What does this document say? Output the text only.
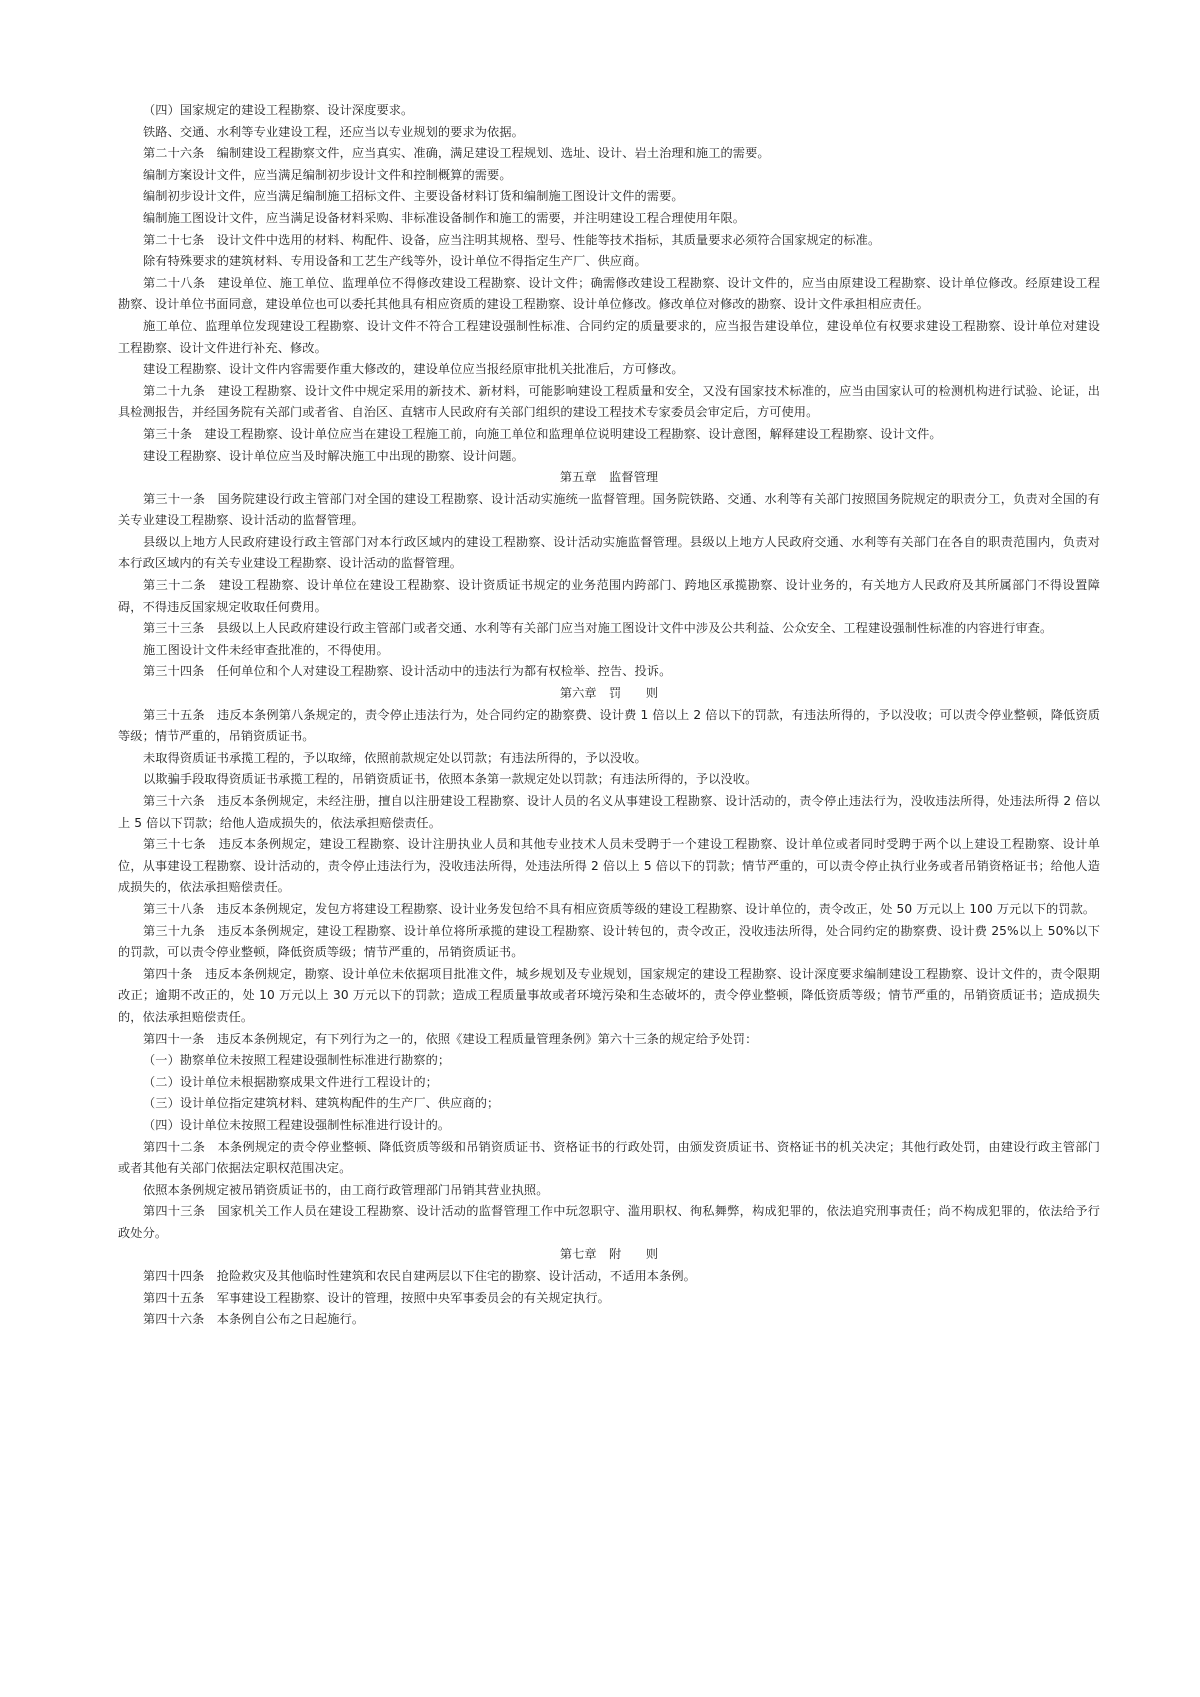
（四）国家规定的建设工程勘察、设计深度要求。
铁路、交通、水利等专业建设工程，还应当以专业规划的要求为依据。
第二十六条　编制建设工程勘察文件，应当真实、准确，满足建设工程规划、选址、设计、岩土治理和施工的需要。
编制方案设计文件，应当满足编制初步设计文件和控制概算的需要。
编制初步设计文件，应当满足编制施工招标文件、主要设备材料订货和编制施工图设计文件的需要。
编制施工图设计文件，应当满足设备材料采购、非标准设备制作和施工的需要，并注明建设工程合理使用年限。
第二十七条　设计文件中选用的材料、构配件、设备，应当注明其规格、型号、性能等技术指标，其质量要求必须符合国家规定的标准。
除有特殊要求的建筑材料、专用设备和工艺生产线等外，设计单位不得指定生产厂、供应商。
第二十八条　建设单位、施工单位、监理单位不得修改建设工程勘察、设计文件；确需修改建设工程勘察、设计文件的，应当由原建设工程勘察、设计单位修改。经原建设工程勘察、设计单位书面同意，建设单位也可以委托其他具有相应资质的建设工程勘察、设计单位修改。修改单位对修改的勘察、设计文件承担相应责任。
施工单位、监理单位发现建设工程勘察、设计文件不符合工程建设强制性标准、合同约定的质量要求的，应当报告建设单位，建设单位有权要求建设工程勘察、设计单位对建设工程勘察、设计文件进行补充、修改。
建设工程勘察、设计文件内容需要作重大修改的，建设单位应当报经原审批机关批准后，方可修改。
第二十九条　建设工程勘察、设计文件中规定采用的新技术、新材料，可能影响建设工程质量和安全，又没有国家技术标准的，应当由国家认可的检测机构进行试验、论证，出具检测报告，并经国务院有关部门或者省、自治区、直辖市人民政府有关部门组织的建设工程技术专家委员会审定后，方可使用。
第三十条　建设工程勘察、设计单位应当在建设工程施工前，向施工单位和监理单位说明建设工程勘察、设计意图，解释建设工程勘察、设计文件。
建设工程勘察、设计单位应当及时解决施工中出现的勘察、设计问题。
第五章　监督管理
第三十一条　国务院建设行政主管部门对全国的建设工程勘察、设计活动实施统一监督管理。国务院铁路、交通、水利等有关部门按照国务院规定的职责分工，负责对全国的有关专业建设工程勘察、设计活动的监督管理。
县级以上地方人民政府建设行政主管部门对本行政区域内的建设工程勘察、设计活动实施监督管理。县级以上地方人民政府交通、水利等有关部门在各自的职责范围内，负责对本行政区域内的有关专业建设工程勘察、设计活动的监督管理。
第三十二条　建设工程勘察、设计单位在建设工程勘察、设计资质证书规定的业务范围内跨部门、跨地区承揽勘察、设计业务的，有关地方人民政府及其所属部门不得设置障碍，不得违反国家规定收取任何费用。
第三十三条　县级以上人民政府建设行政主管部门或者交通、水利等有关部门应当对施工图设计文件中涉及公共利益、公众安全、工程建设强制性标准的内容进行审查。
施工图设计文件未经审查批准的，不得使用。
第三十四条　任何单位和个人对建设工程勘察、设计活动中的违法行为都有权检举、控告、投诉。
第六章　罚　　则
第三十五条　违反本条例第八条规定的，责令停止违法行为，处合同约定的勘察费、设计费 1 倍以上 2 倍以下的罚款，有违法所得的，予以没收；可以责令停业整顿，降低资质等级；情节严重的，吊销资质证书。
未取得资质证书承揽工程的，予以取缔，依照前款规定处以罚款；有违法所得的，予以没收。
以欺骗手段取得资质证书承揽工程的，吊销资质证书，依照本条第一款规定处以罚款；有违法所得的，予以没收。
第三十六条　违反本条例规定，未经注册，擅自以注册建设工程勘察、设计人员的名义从事建设工程勘察、设计活动的，责令停止违法行为，没收违法所得，处违法所得 2 倍以上 5 倍以下罚款；给他人造成损失的，依法承担赔偿责任。
第三十七条　违反本条例规定，建设工程勘察、设计注册执业人员和其他专业技术人员未受聘于一个建设工程勘察、设计单位或者同时受聘于两个以上建设工程勘察、设计单位，从事建设工程勘察、设计活动的，责令停止违法行为，没收违法所得，处违法所得 2 倍以上 5 倍以下的罚款；情节严重的，可以责令停止执行业务或者吊销资格证书；给他人造成损失的，依法承担赔偿责任。
第三十八条　违反本条例规定，发包方将建设工程勘察、设计业务发包给不具有相应资质等级的建设工程勘察、设计单位的，责令改正，处 50 万元以上 100 万元以下的罚款。
第三十九条　违反本条例规定，建设工程勘察、设计单位将所承揽的建设工程勘察、设计转包的，责令改正，没收违法所得，处合同约定的勘察费、设计费 25%以上 50%以下的罚款，可以责令停业整顿，降低资质等级；情节严重的，吊销资质证书。
第四十条　违反本条例规定，勘察、设计单位未依据项目批准文件，城乡规划及专业规划，国家规定的建设工程勘察、设计深度要求编制建设工程勘察、设计文件的，责令限期改正；逾期不改正的，处 10 万元以上 30 万元以下的罚款；造成工程质量事故或者环境污染和生态破坏的，责令停业整顿，降低资质等级；情节严重的，吊销资质证书；造成损失的，依法承担赔偿责任。
第四十一条　违反本条例规定，有下列行为之一的，依照《建设工程质量管理条例》第六十三条的规定给予处罚：
（一）勘察单位未按照工程建设强制性标准进行勘察的；
（二）设计单位未根据勘察成果文件进行工程设计的；
（三）设计单位指定建筑材料、建筑构配件的生产厂、供应商的；
（四）设计单位未按照工程建设强制性标准进行设计的。
第四十二条　本条例规定的责令停业整顿、降低资质等级和吊销资质证书、资格证书的行政处罚，由颁发资质证书、资格证书的机关决定；其他行政处罚，由建设行政主管部门或者其他有关部门依据法定职权范围决定。
依照本条例规定被吊销资质证书的，由工商行政管理部门吊销其营业执照。
第四十三条　国家机关工作人员在建设工程勘察、设计活动的监督管理工作中玩忽职守、滥用职权、徇私舞弊，构成犯罪的，依法追究刑事责任；尚不构成犯罪的，依法给予行政处分。
第七章　附　　则
第四十四条　抢险救灾及其他临时性建筑和农民自建两层以下住宅的勘察、设计活动，不适用本条例。
第四十五条　军事建设工程勘察、设计的管理，按照中央军事委员会的有关规定执行。
第四十六条　本条例自公布之日起施行。
